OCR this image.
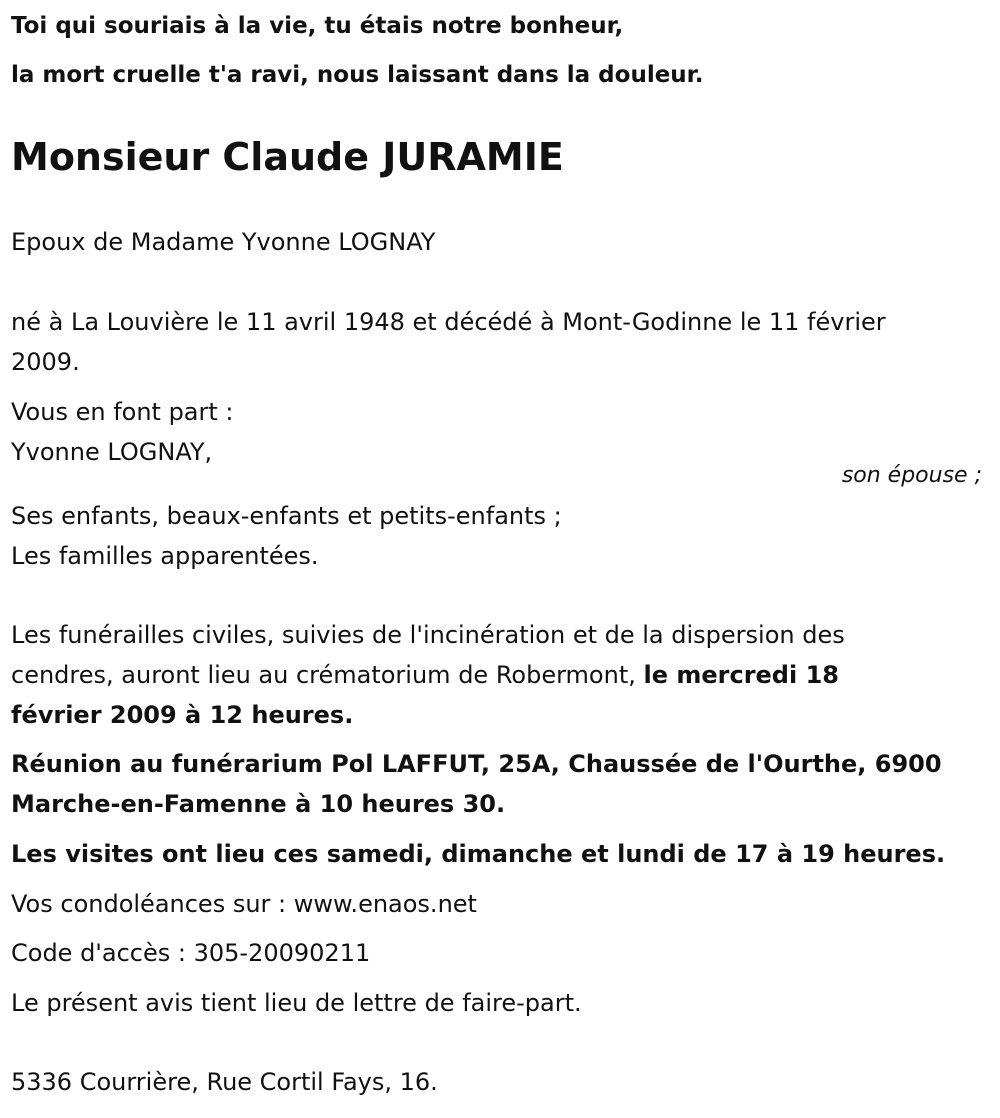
Toi qui souriais à la vie, tu étais notre bonheur,
la mort cruelle t'a ravi, nous laissant dans la douleur.
Monsieur Claude JURAMIE
Epoux de Madame Yvonne LOGNAY
né à La Louvière le 11 avril 1948 et décédé à Mont-Godinne le 11 février
2009.
Vous en font part :
Yvonne LOGNAY,
son épouse ;
Ses enfants, beaux-enfants et petits-enfants ;
Les familles apparentées.
Les funérailles civiles, suivies de l'incinération et de la dispersion des
cendres, auront lieu au crématorium de Robermont, le mercredi 18
février 2009 à 12 heures.
Réunion au funérarium Pol LAFFUT, 25A, Chaussée de l'Ourthe, 6900
Marche-en-Famenne à 10 heures 30.
Les visites ont lieu ces samedi, dimanche et lundi de 17 à 19 heures.
Vos condoléances sur : www.enaos.net
Code d'accès : 305-20090211
Le présent avis tient lieu de lettre de faire-part.
5336 Courrière, Rue Cortil Fays, 16.
